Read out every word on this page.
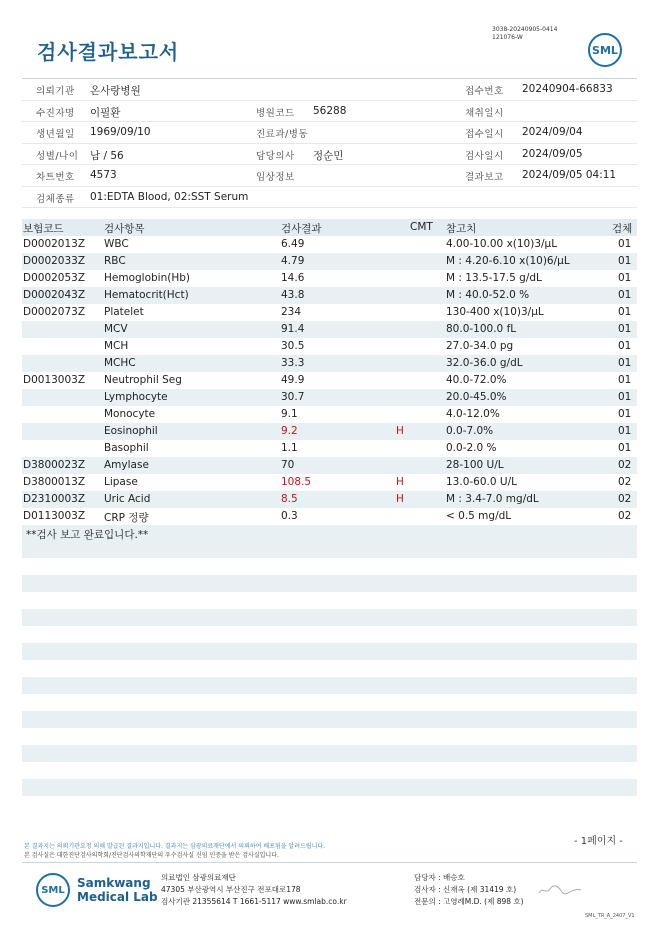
검사결과보고서
3038-20240905-0414
121076-W
SML
의뢰기관 온사랑병원	접수번호 20240904-66833
수진자명 이필환	병원코드 56288	채취일시
생년월일 1969/09/10	진료과/병동	접수일시 2024/09/04
성별/나이 남 / 56	담당의사 정순민	검사일시 2024/09/05
차트번호 4573	임상정보	결과보고 2024/09/05 04:11
검체종류 01:EDTA Blood, 02:SST Serum
보험코드	검사항목	검사결과	CMT 참고치	검체
D0002013Z WBC	6.49	4.00-10.00 x(10)3/μL	01
D0002033Z RBC	4.79	M : 4.20-6.10 x(10)6/μL	01
D0002053Z Hemoglobin(Hb)	14.6	M : 13.5-17.5 g/dL	01
D0002043Z Hematocrit(Hct)	43.8	M : 40.0-52.0 %	01
D0002073Z Platelet	234	130-400 x(10)3/μL	01
MCV	91.4	80.0-100.0 fL	01
MCH	30.5	27.0-34.0 pg	01
MCHC	33.3	32.0-36.0 g/dL	01
D0013003Z Neutrophil Seg	49.9	40.0-72.0%	01
Lymphocyte	30.7	20.0-45.0%	01
Monocyte	9.1	4.0-12.0%	01
Eosinophil	9.2	H	0.0-7.0%	01
Basophil	1.1	0.0-2.0 %	01
D3800023Z Amylase	70	28-100 U/L	02
D3800013Z Lipase	108.5	H	13.0-60.0 U/L	02
D2310003Z Uric Acid	8.5	H	M : 3.4-7.0 mg/dL	02
D0113003Z CRP 정량	0.3	< 0.5 mg/dL	02
**검사 보고 완료입니다.**
- 1페이지 -
본 결과지는 의뢰기관요청 의해 발급된 결과지입니다. 결과지는 삼광의료재단에서 의뢰하여 배포됨을 알려드립니다.
본 검사실은 대한진단검사의학회/진단검사의학재단의 우수검사실 신임 인증을 받은 검사실입니다.
SML	Samkwang
Medical Lab
의료법인 삼광의료재단
47305 부산광역시 부산진구 전포대로178
검사기관 21355614 T 1661-5117 www.smlab.co.kr
담당자 : 배승호
검사자 : 신재옥 (제 31419 호)
전문의 : 고영례M.D. (제 898 호)
SML_TR_A_2407_V1
